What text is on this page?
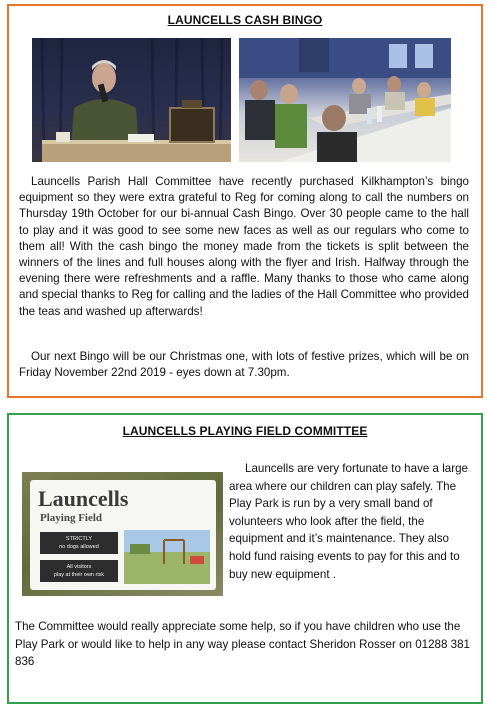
LAUNCELLS CASH BINGO

Launcells Parish Hall Committee have recently purchased Kilkhampton’s bingo equipment so they were extra grateful to Reg for coming along to call the numbers on Thursday 19th October for our bi-annual Cash Bingo. Over 30 people came to the hall to play and it was good to see some new faces as well as our regulars who come to them all! With the cash bingo the money made from the tickets is split between the winners of the lines and full houses along with the flyer and Irish. Halfway through the evening there were refreshments and a raffle. Many thanks to those who came along and special thanks to Reg for calling and the ladies of the Hall Committee who provided the teas and washed up afterwards!

Our next Bingo will be our Christmas one, with lots of festive prizes, which will be on Friday November 22nd 2019 - eyes down at 7.30pm.

LAUNCELLS PLAYING FIELD COMMITTEE
Launcells
Playing Field
STRICTLY
no dogs allowed
All visitors
play at their own risk

Launcells are very fortunate to have a large area where our children can play safely. The Play Park is run by a very small band of volunteers who look after the field, the equipment and it’s maintenance. They also hold fund raising events to pay for this and to buy new equipment .

The Committee would really appreciate some help, so if you have children who use the Play Park or would like to help in any way please contact Sheridon Rosser on 01288 381 836
